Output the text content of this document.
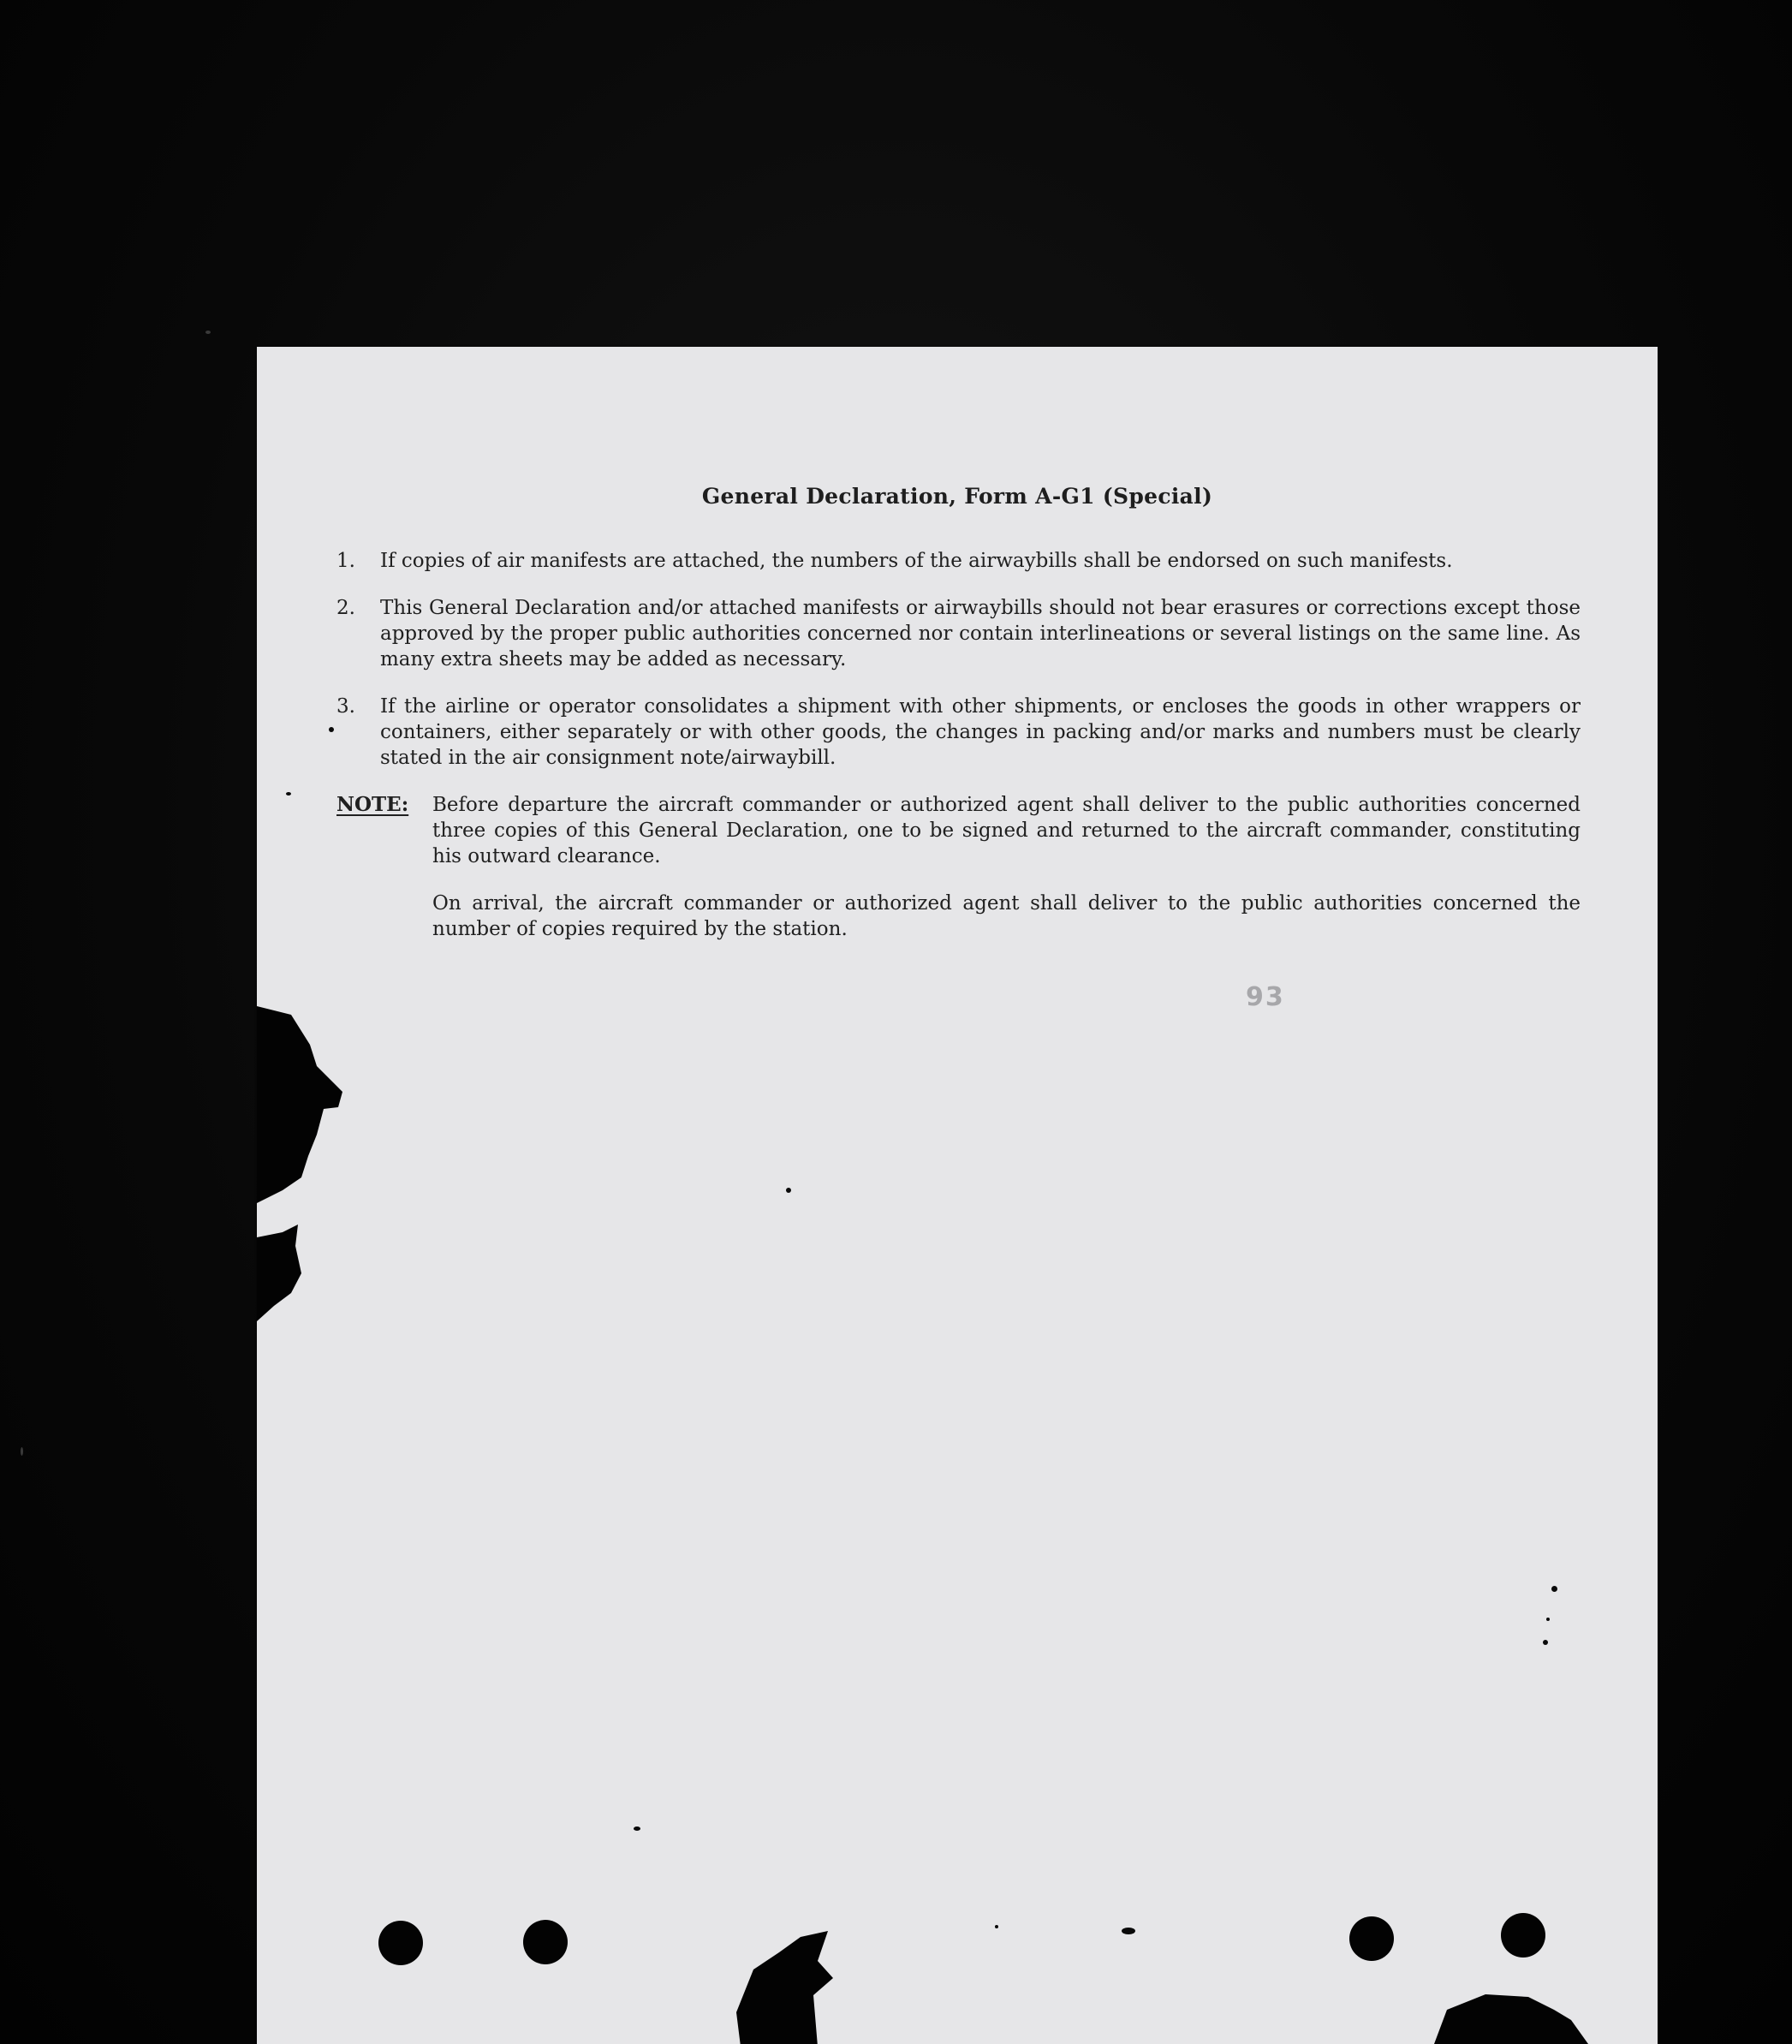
General Declaration, Form A-G1 (Special)
1. If copies of air manifests are attached, the numbers of the airwaybills shall be endorsed on such manifests.
2. This General Declaration and/or attached manifests or airwaybills should not bear erasures or corrections except those approved by the proper public authorities concerned nor contain interlineations or several listings on the same line. As many extra sheets may be added as necessary.
3. If the airline or operator consolidates a shipment with other shipments, or encloses the goods in other wrappers or containers, either separately or with other goods, the changes in packing and/or marks and numbers must be clearly stated in the air consignment note/airwaybill.
NOTE: Before departure the aircraft commander or authorized agent shall deliver to the public authorities concerned three copies of this General Declaration, one to be signed and returned to the aircraft commander, constituting his outward clearance.
On arrival, the aircraft commander or authorized agent shall deliver to the public authorities concerned the number of copies required by the station.
93
